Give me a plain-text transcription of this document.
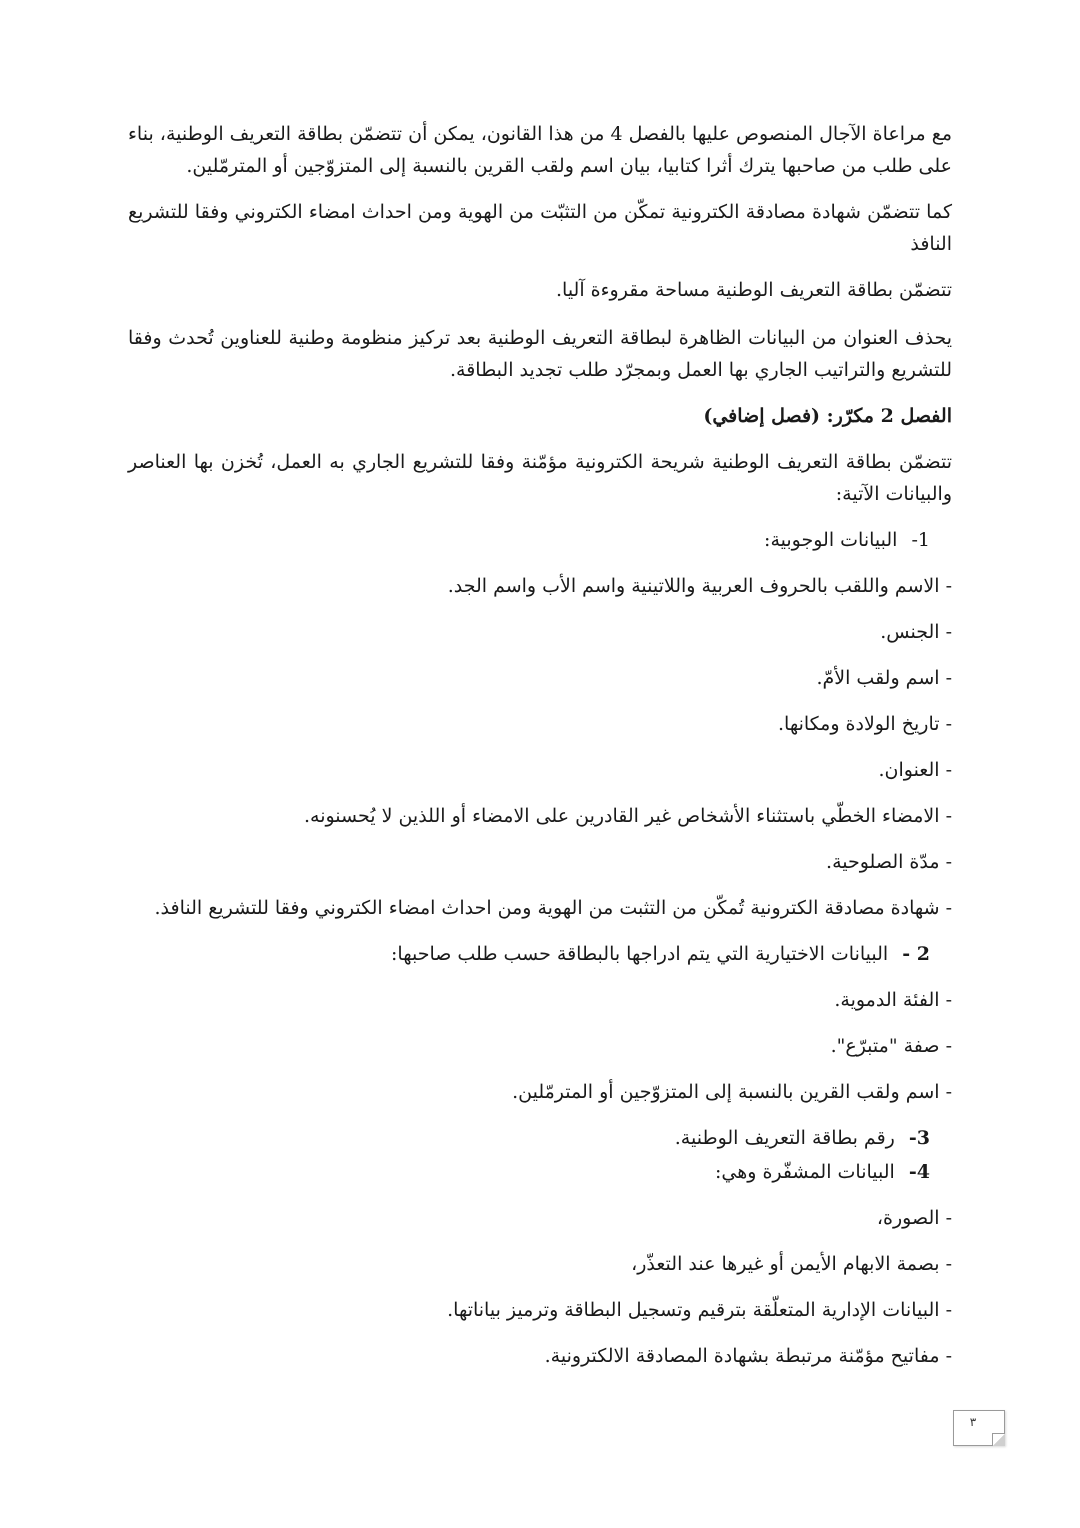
مع مراعاة الآجال المنصوص عليها بالفصل 4 من هذا القانون، يمكن أن تتضمّن بطاقة التعريف الوطنية، بناء على طلب من صاحبها يترك أثرا كتابيا، بيان اسم ولقب القرين بالنسبة إلى المتزوّجين أو المترمّلين.

كما تتضمّن شهادة مصادقة الكترونية تمكّن من التثبّت من الهوية ومن احداث امضاء الكتروني وفقا للتشريع النافذ

تتضمّن بطاقة التعريف الوطنية مساحة مقروءة آليا.

يحذف العنوان من البيانات الظاهرة لبطاقة التعريف الوطنية بعد تركيز منظومة وطنية للعناوين تُحدث وفقا للتشريع والتراتيب الجاري بها العمل وبمجرّد طلب تجديد البطاقة.

الفصل 2 مكرّر: (فصل إضافي)

تتضمّن بطاقة التعريف الوطنية شريحة الكترونية مؤمّنة وفقا للتشريع الجاري به العمل، تُخزن بها العناصر والبيانات الآتية:

1- البيانات الوجوبية:

- الاسم واللقب بالحروف العربية واللاتينية واسم الأب واسم الجد.

- الجنس.

- اسم ولقب الأمّ.

- تاريخ الولادة ومكانها.

- العنوان.

- الامضاء الخطّي باستثناء الأشخاص غير القادرين على الامضاء أو اللذين لا يُحسنونه.

- مدّة الصلوحية.

- شهادة مصادقة الكترونية تُمكّن من التثبت من الهوية ومن احداث امضاء الكتروني وفقا للتشريع النافذ.

2 - البيانات الاختيارية التي يتم ادراجها بالبطاقة حسب طلب صاحبها:

- الفئة الدموية.

- صفة "متبرّع".

- اسم ولقب القرين بالنسبة إلى المتزوّجين أو المترمّلين.

3- رقم بطاقة التعريف الوطنية.

4- البيانات المشفّرة وهي:

- الصورة،

- بصمة الابهام الأيمن أو غيرها عند التعذّر،

- البيانات الإدارية المتعلّقة بترقيم وتسجيل البطاقة وترميز بياناتها.

- مفاتيح مؤمّنة مرتبطة بشهادة المصادقة الالكترونية.

٣
